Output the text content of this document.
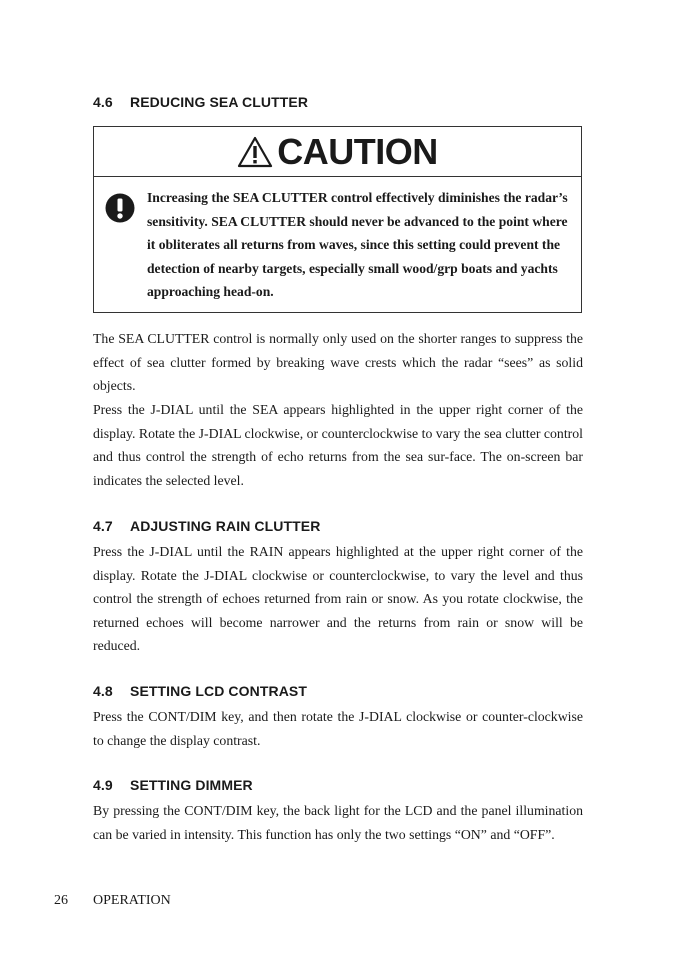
4.6 REDUCING SEA CLUTTER
CAUTION

Increasing the SEA CLUTTER control effectively diminishes the radar’s sensitivity. SEA CLUTTER should never be advanced to the point where it obliterates all returns from waves, since this setting could prevent the detection of nearby targets, especially small wood/grp boats and yachts approaching head-on.

The SEA CLUTTER control is normally only used on the shorter ranges to suppress the effect of sea clutter formed by breaking wave crests which the radar “sees” as solid objects.

Press the J-DIAL until the SEA appears highlighted in the upper right corner of the display. Rotate the J-DIAL clockwise, or counterclockwise to vary the sea clutter control and thus control the strength of echo returns from the sea sur-face. The on-screen bar indicates the selected level.

4.7 ADJUSTING RAIN CLUTTER

Press the J-DIAL until the RAIN appears highlighted at the upper right corner of the display. Rotate the J-DIAL clockwise or counterclockwise, to vary the level and thus control the strength of echoes returned from rain or snow. As you rotate clockwise, the returned echoes will become narrower and the returns from rain or snow will be reduced.

4.8 SETTING LCD CONTRAST

Press the CONT/DIM key, and then rotate the J-DIAL clockwise or counter-clockwise to change the display contrast.

4.9 SETTING DIMMER

By pressing the CONT/DIM key, the back light for the LCD and the panel illumination can be varied in intensity. This function has only the two settings “ON” and “OFF”.

26 OPERATION
